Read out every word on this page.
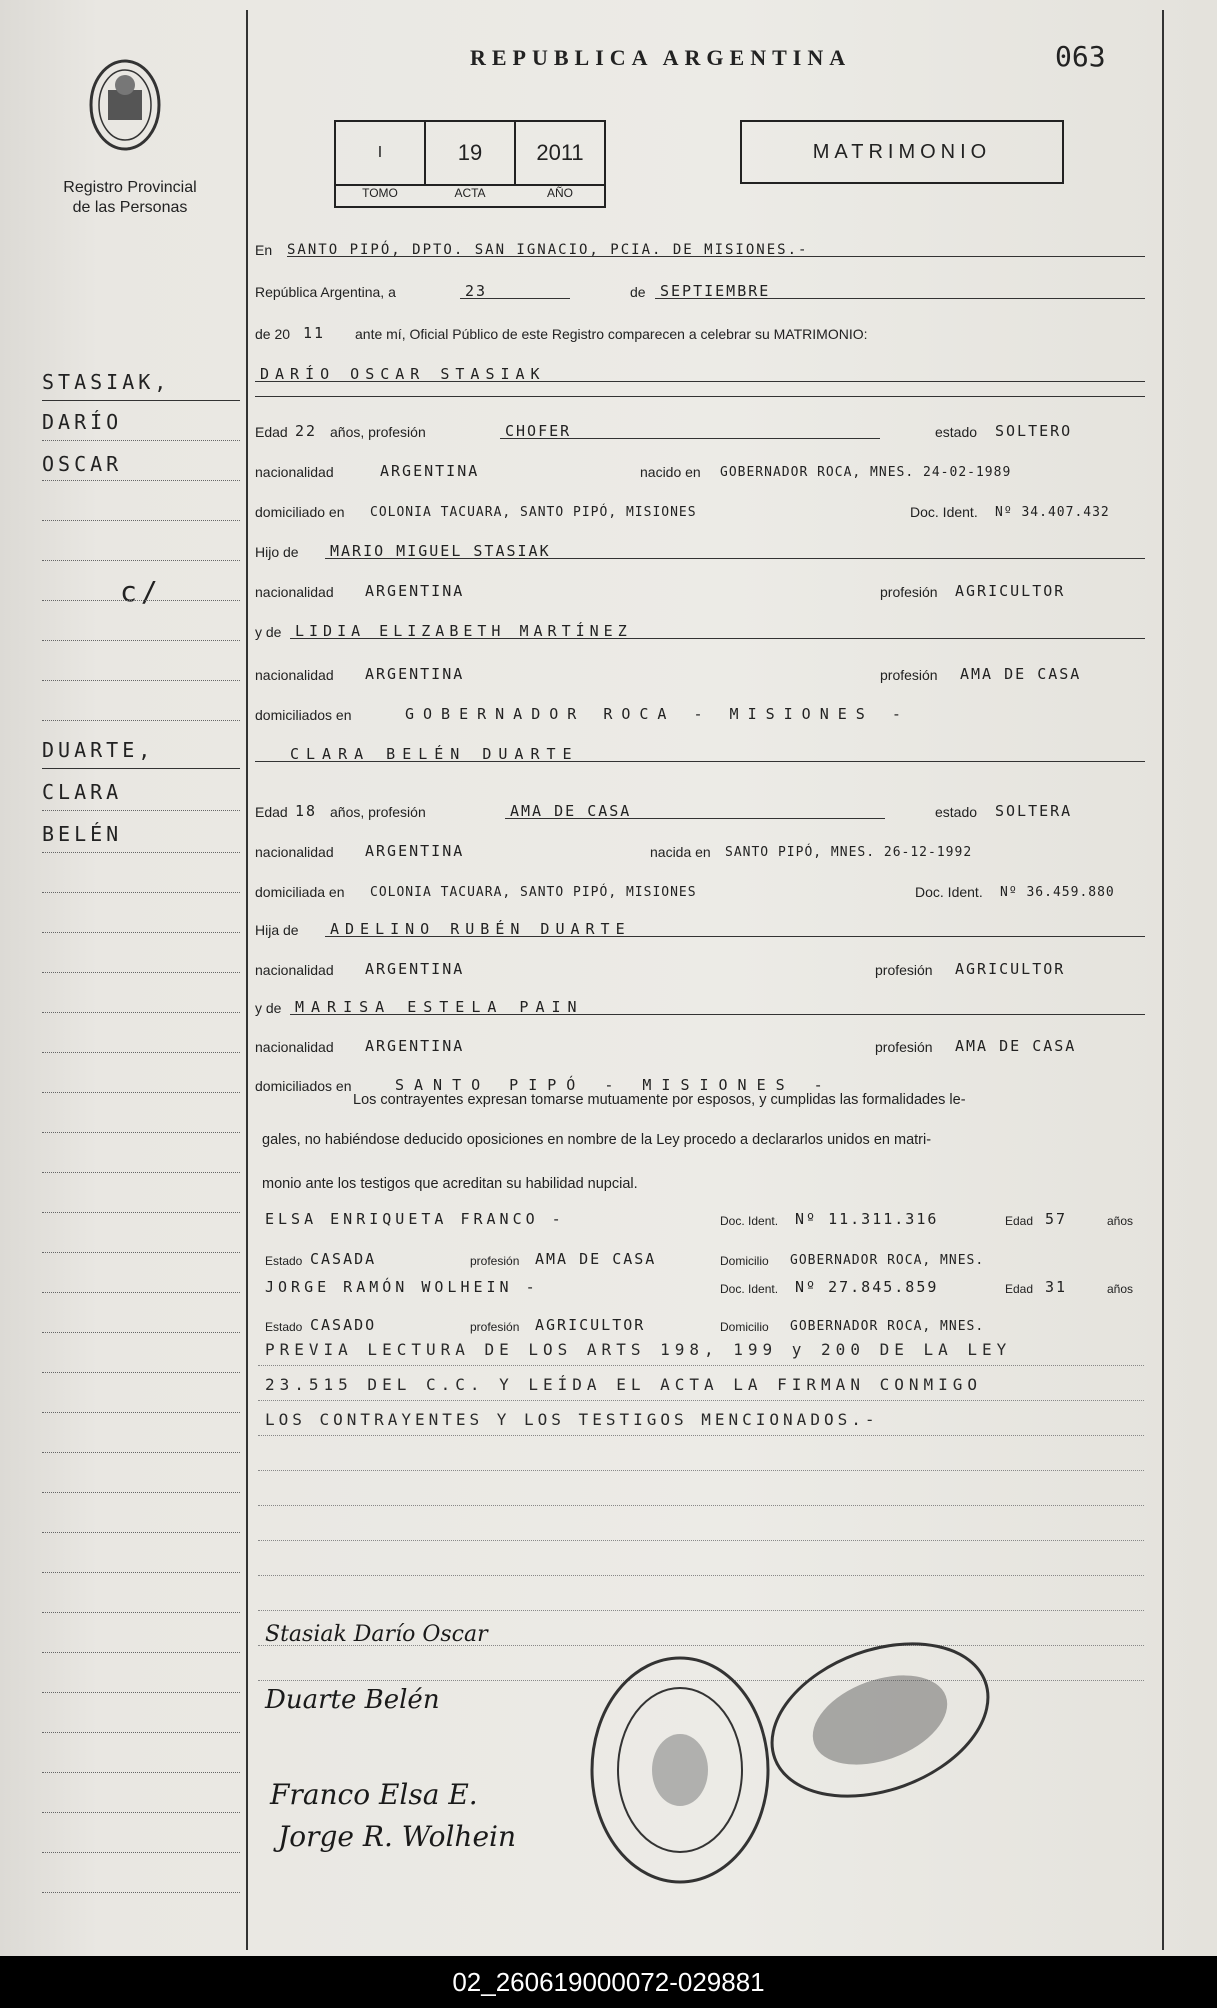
Registro Provincial
de las Personas
REPUBLICA ARGENTINA	063
I	19	2011
TOMO	ACTA	AÑO
MATRIMONIO
En SANTO PIPÓ, DPTO. SAN IGNACIO, PCIA. DE MISIONES.-
República Argentina, a	23	de SEPTIEMBRE
de 20 11 ante mí, Oficial Público de este Registro comparecen a celebrar su MATRIMONIO:
STASIAK,
DARÍO
OSCAR
c/
DUARTE,
CLARA
BELÉN
DARÍO OSCAR STASIAK
Edad 22 años, profesión	CHOFER	estado SOLTERO
nacionalidad	ARGENTINA	nacido en GOBERNADOR ROCA, MNES. 24-02-1989
domiciliado en COLONIA TACUARA, SANTO PIPÓ, MISIONES	Doc. Ident. Nº 34.407.432
Hijo de MARIO MIGUEL STASIAK
nacionalidad ARGENTINA	profesión AGRICULTOR
y de LIDIA ELIZABETH MARTÍNEZ
nacionalidad ARGENTINA	profesión AMA DE CASA
domiciliados en	GOBERNADOR ROCA - MISIONES -
CLARA BELÉN DUARTE
Edad 18 años, profesión	AMA DE CASA	estado SOLTERA
nacionalidad ARGENTINA	nacida en SANTO PIPÓ, MNES. 26-12-1992
domiciliada en COLONIA TACUARA, SANTO PIPÓ, MISIONES	Doc. Ident. Nº 36.459.880
Hija de ADELINO RUBÉN DUARTE
nacionalidad ARGENTINA	profesión AGRICULTOR
y de MARISA ESTELA PAIN
nacionalidad ARGENTINA	profesión AMA DE CASA
domiciliados en	SANTO PIPÓ - MISIONES -
Los contrayentes expresan tomarse mutuamente por esposos, y cumplidas las formalidades le-
gales, no habiéndose deducido oposiciones en nombre de la Ley procedo a declararlos unidos en matri-
monio ante los testigos que acreditan su habilidad nupcial.
ELSA ENRIQUETA FRANCO -	Doc. Ident. Nº 11.311.316	Edad 57	años
Estado CASADA	profesión AMA DE CASA	Domicilio GOBERNADOR ROCA, MNES.
JORGE RAMÓN WOLHEIN -	Doc. Ident. Nº 27.845.859	Edad 31	años
Estado CASADO	profesión AGRICULTOR	Domicilio GOBERNADOR ROCA, MNES.
PREVIA LECTURA DE LOS ARTS 198, 199 y 200 DE LA LEY
23.515 DEL C.C. Y LEÍDA EL ACTA LA FIRMAN CONMIGO
LOS CONTRAYENTES Y LOS TESTIGOS MENCIONADOS.-
Stasiak Darío Oscar
Duarte Belén
Franco Elsa E.
Jorge R. Wolhein
02_260619000072-029881
